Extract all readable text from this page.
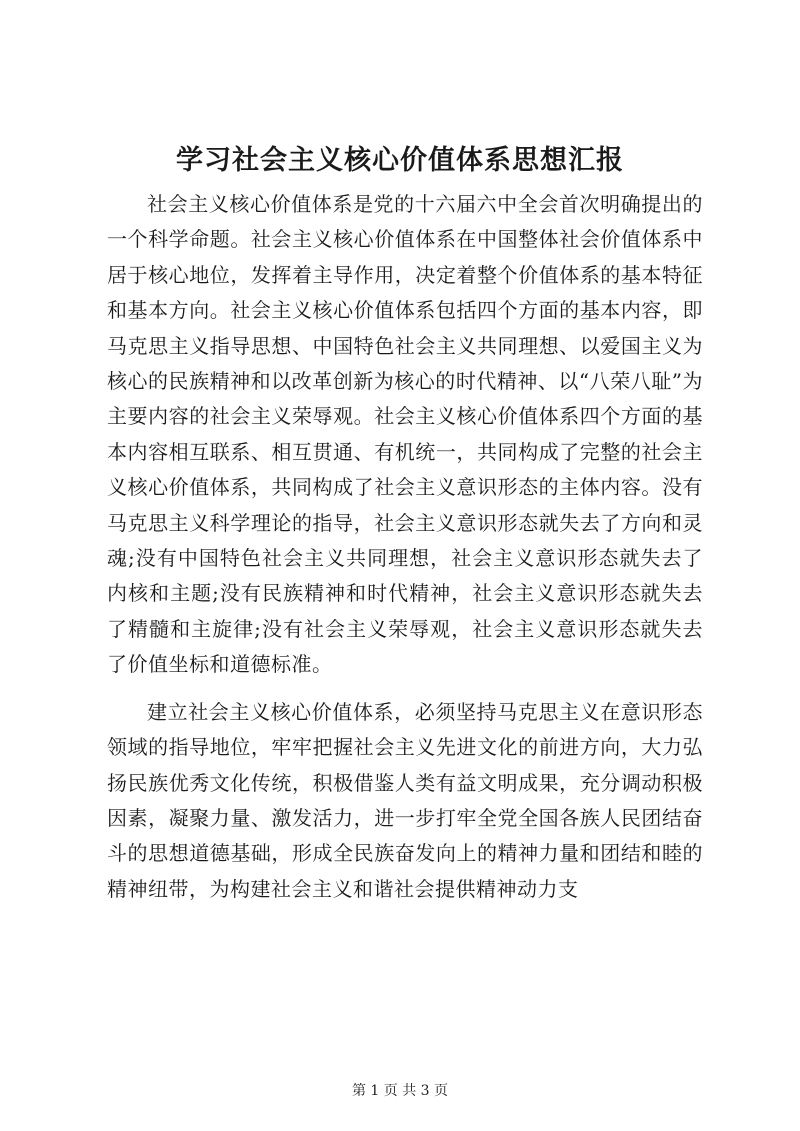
学习社会主义核心价值体系思想汇报

社会主义核心价值体系是党的十六届六中全会首次明确提出的一个科学命题。社会主义核心价值体系在中国整体社会价值体系中居于核心地位，发挥着主导作用，决定着整个价值体系的基本特征和基本方向。社会主义核心价值体系包括四个方面的基本内容，即马克思主义指导思想、中国特色社会主义共同理想、以爱国主义为核心的民族精神和以改革创新为核心的时代精神、以“八荣八耻”为主要内容的社会主义荣辱观。社会主义核心价值体系四个方面的基本内容相互联系、相互贯通、有机统一，共同构成了完整的社会主义核心价值体系，共同构成了社会主义意识形态的主体内容。没有马克思主义科学理论的指导，社会主义意识形态就失去了方向和灵魂;没有中国特色社会主义共同理想，社会主义意识形态就失去了内核和主题;没有民族精神和时代精神，社会主义意识形态就失去了精髓和主旋律;没有社会主义荣辱观，社会主义意识形态就失去了价值坐标和道德标准。

建立社会主义核心价值体系，必须坚持马克思主义在意识形态领域的指导地位，牢牢把握社会主义先进文化的前进方向，大力弘扬民族优秀文化传统，积极借鉴人类有益文明成果，充分调动积极因素，凝聚力量、激发活力，进一步打牢全党全国各族人民团结奋斗的思想道德基础，形成全民族奋发向上的精神力量和团结和睦的精神纽带，为构建社会主义和谐社会提供精神动力支

第 1 页 共 3 页
